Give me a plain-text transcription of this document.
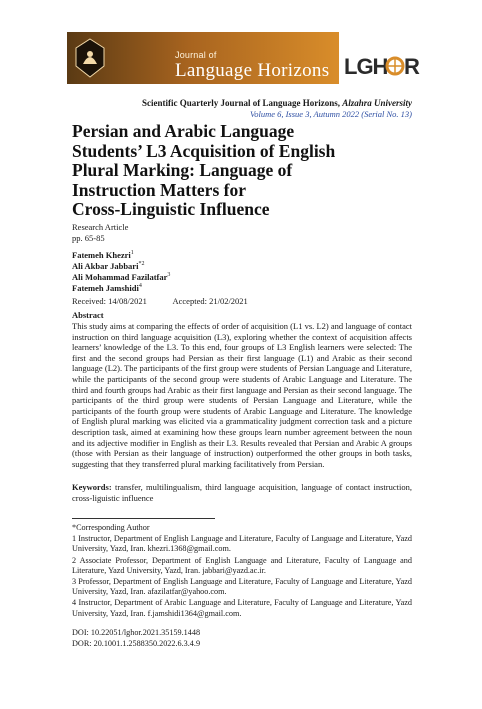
Journal of
Language Horizons LGH R
Scientific Quarterly Journal of Language Horizons, Alzahra University
Volume 6, Issue 3, Autumn 2022 (Serial No. 13)
Persian and Arabic Language
Students’ L3 Acquisition of English
Plural Marking: Language of
Instruction Matters for
Cross-Linguistic Influence
Research Article
pp. 65-85
Fatemeh Khezri$^1$
Ali Akbar Jabbari$^{*2}$
Ali Mohammad Fazilatfar$^3$
Fatemeh Jamshidi$^4$
Received: 14/08/2021	Accepted: 21/02/2021
Abstract
This study aims at comparing the effects of order of acquisition (L1 vs. L2) and language of contact instruction on third language acquisition (L3), exploring whether the context of acquisition affects learners’ knowledge of the L3. To this end, four groups of L3 English learners were selected: The first and the second groups had Persian as their first language (L1) and Arabic as their second language (L2). The participants of the first group were students of Persian Language and Literature, while the participants of the second group were students of Arabic Language and Literature. The third and fourth groups had Arabic as their first language and Persian as their second language. The participants of the third group were students of Persian Language and Literature, while the participants of the fourth group were students of Arabic Language and Literature. The knowledge of English plural marking was elicited via a grammaticality judgment correction task and a picture description task, aimed at examining how these groups learn number agreement between the noun and its adjective modifier in English as their L3. Results revealed that Persian and Arabic A groups (those with Persian as their language of instruction) outperformed the other groups in both tasks, suggesting that they transferred plural marking facilitatively from Persian.
Keywords: transfer, multilingualism, third language acquisition, language of contact instruction, cross-liguistic influence
*Corresponding Author
1 Instructor, Department of English Language and Literature, Faculty of Language and Literature, Yazd University, Yazd, Iran. khezri.1368@gmail.com.
2 Associate Professor, Department of English Language and Literature, Faculty of Language and Literature, Yazd University, Yazd, Iran. jabbari@yazd.ac.ir.
3 Professor, Department of English Language and Literature, Faculty of Language and Literature, Yazd University, Yazd, Iran. afazilatfar@yahoo.com.
4 Instructor, Department of Arabic Language and Literature, Faculty of Language and Literature, Yazd University, Yazd, Iran. f.jamshidi1364@gmail.com.
DOI: 10.22051/lghor.2021.35159.1448
DOR: 20.1001.1.2588350.2022.6.3.4.9
